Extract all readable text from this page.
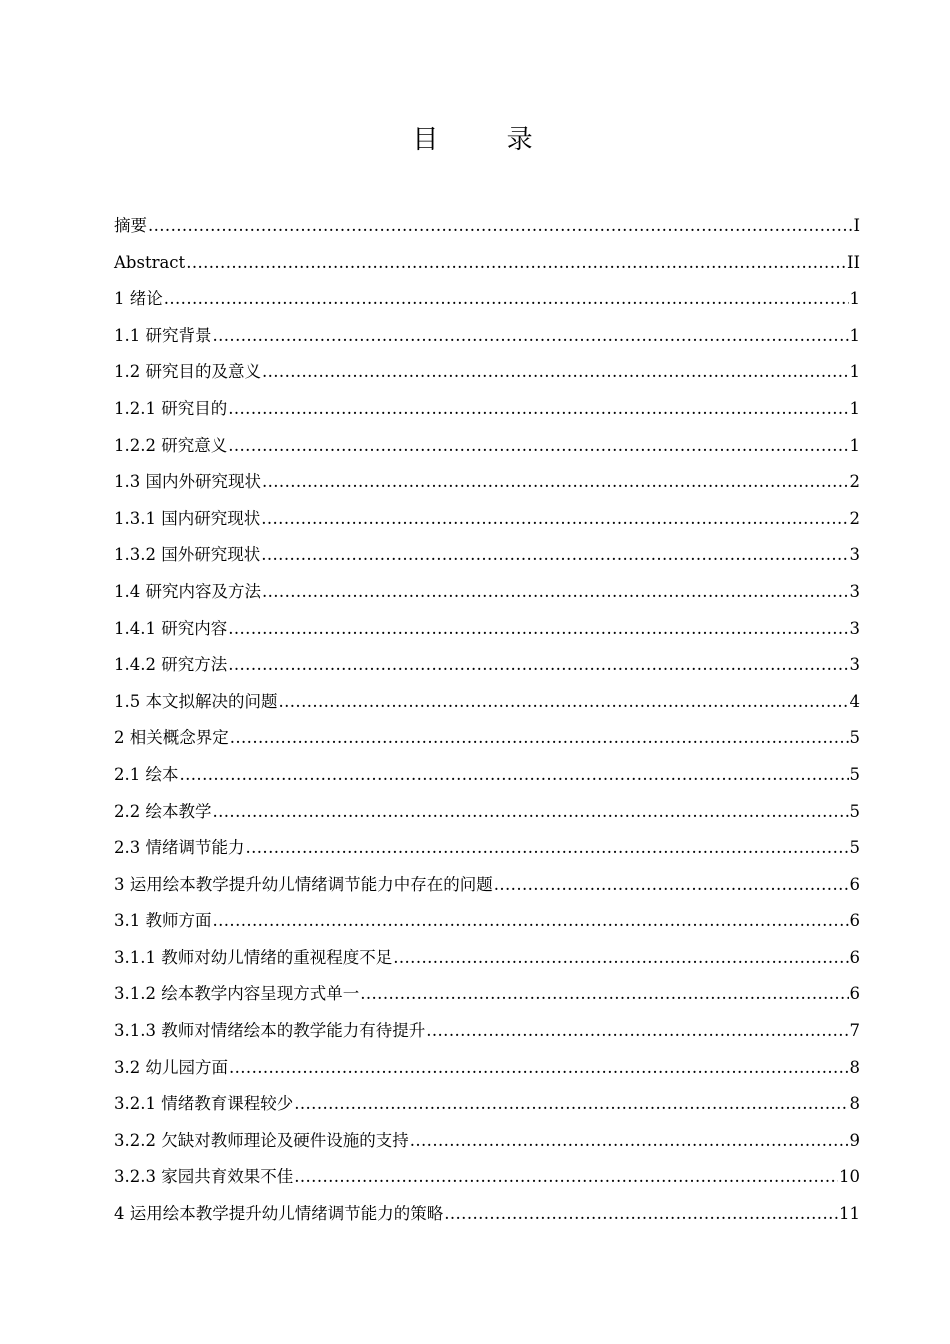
目 录
摘要 .....	I
Abstract .....	II
1 绪论 .....	1
1.1 研究背景 .....	1
1.2 研究目的及意义 .....	1
1.2.1 研究目的 .....	1
1.2.2 研究意义 .....	1
1.3 国内外研究现状 .....	2
1.3.1 国内研究现状 .....	2
1.3.2 国外研究现状 .....	3
1.4 研究内容及方法 .....	3
1.4.1 研究内容 .....	3
1.4.2 研究方法 .....	3
1.5 本文拟解决的问题 .....	4
2 相关概念界定 .....	5
2.1 绘本 .....	5
2.2 绘本教学 .....	5
2.3 情绪调节能力 .....	5
3 运用绘本教学提升幼儿情绪调节能力中存在的问题 .....	6
3.1 教师方面 .....	6
3.1.1 教师对幼儿情绪的重视程度不足 .....	6
3.1.2 绘本教学内容呈现方式单一 .....	6
3.1.3 教师对情绪绘本的教学能力有待提升 .....	7
3.2 幼儿园方面 .....	8
3.2.1 情绪教育课程较少 .....	8
3.2.2 欠缺对教师理论及硬件设施的支持 .....	9
3.2.3 家园共育效果不佳 .....	10
4 运用绘本教学提升幼儿情绪调节能力的策略 .....	11
